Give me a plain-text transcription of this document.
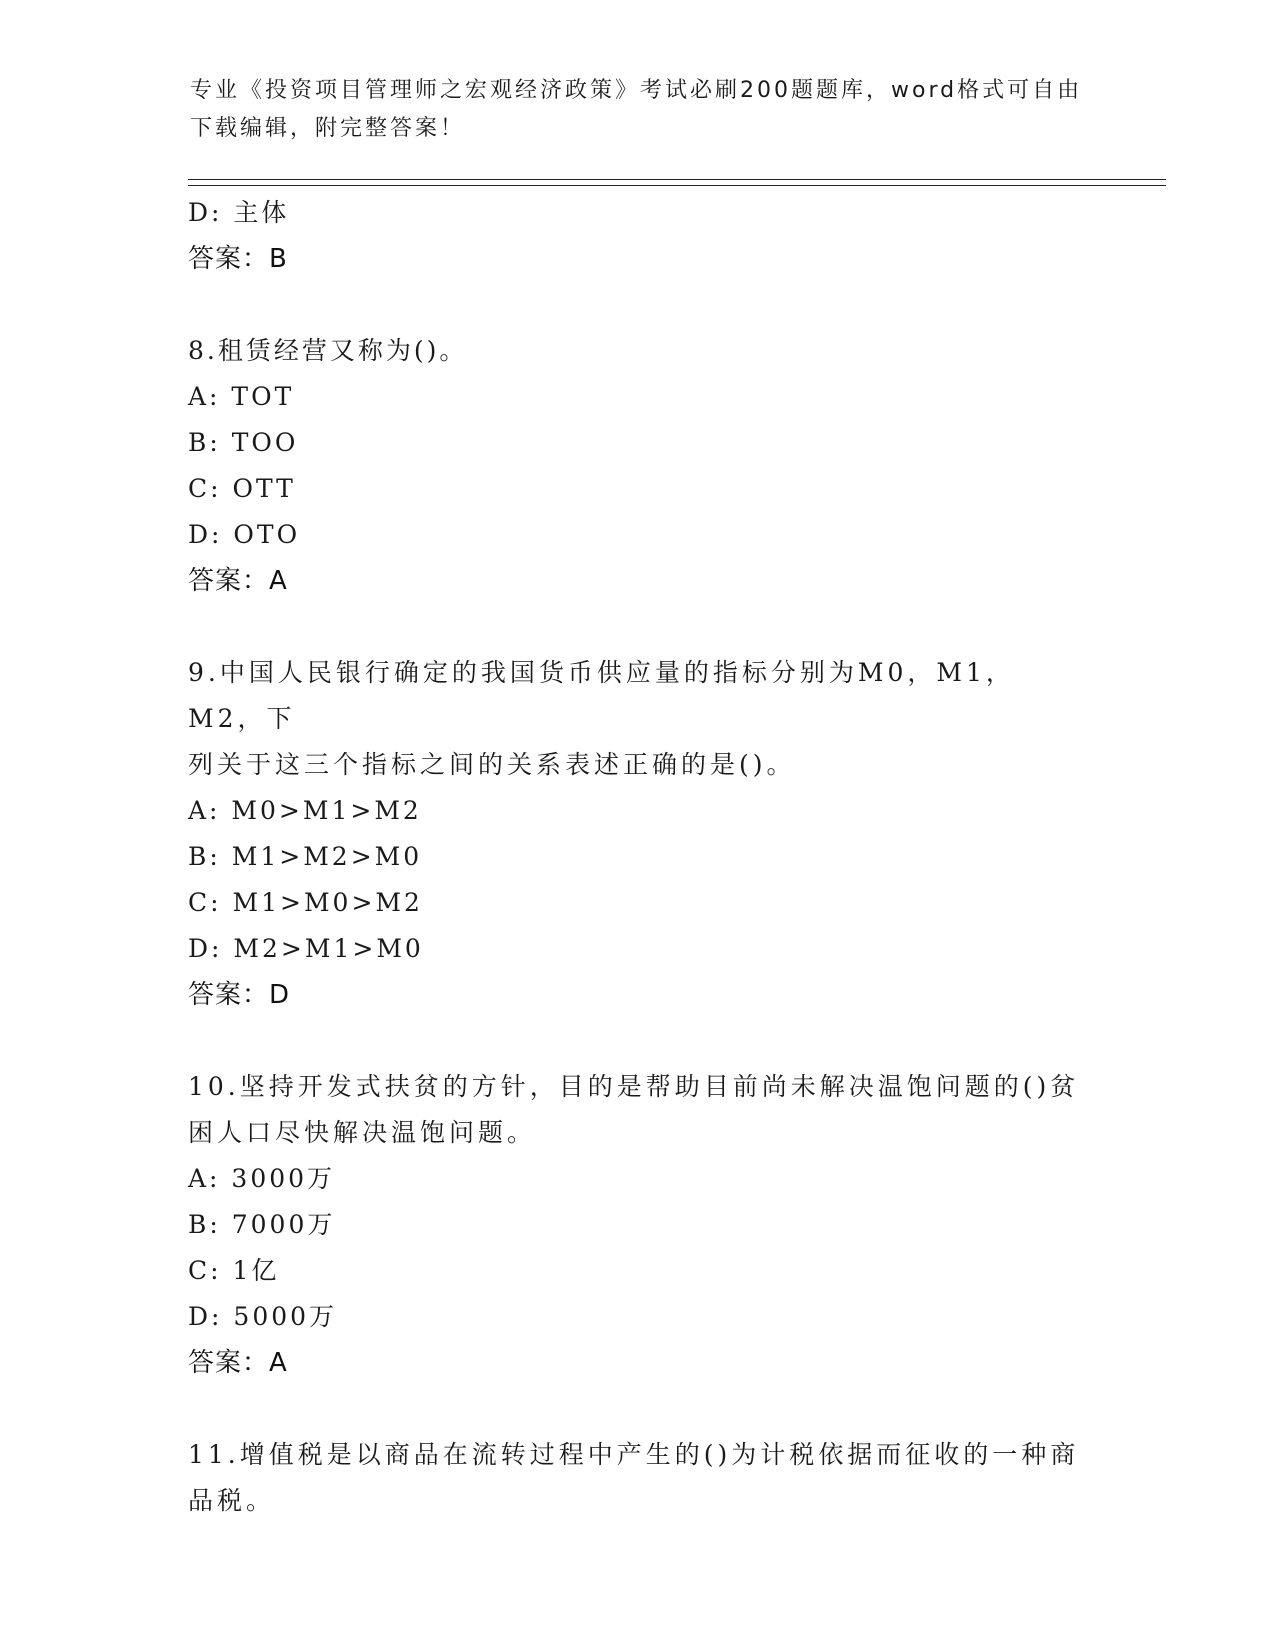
专业《投资项目管理师之宏观经济政策》考试必刷200题题库，word格式可自由
下载编辑，附完整答案！
D: 主体
答案：B
8.租赁经营又称为()。
A: TOT
B: TOO
C: OTT
D: OTO
答案：A
9.中国人民银行确定的我国货币供应量的指标分别为M0，M1，M2，下
列关于这三个指标之间的关系表述正确的是()。
A: M0>M1>M2
B: M1>M2>M0
C: M1>M0>M2
D: M2>M1>M0
答案：D
10.坚持开发式扶贫的方针，目的是帮助目前尚未解决温饱问题的()贫
困人口尽快解决温饱问题。
A: 3000万
B: 7000万
C: 1亿
D: 5000万
答案：A
11.增值税是以商品在流转过程中产生的()为计税依据而征收的一种商
品税。
